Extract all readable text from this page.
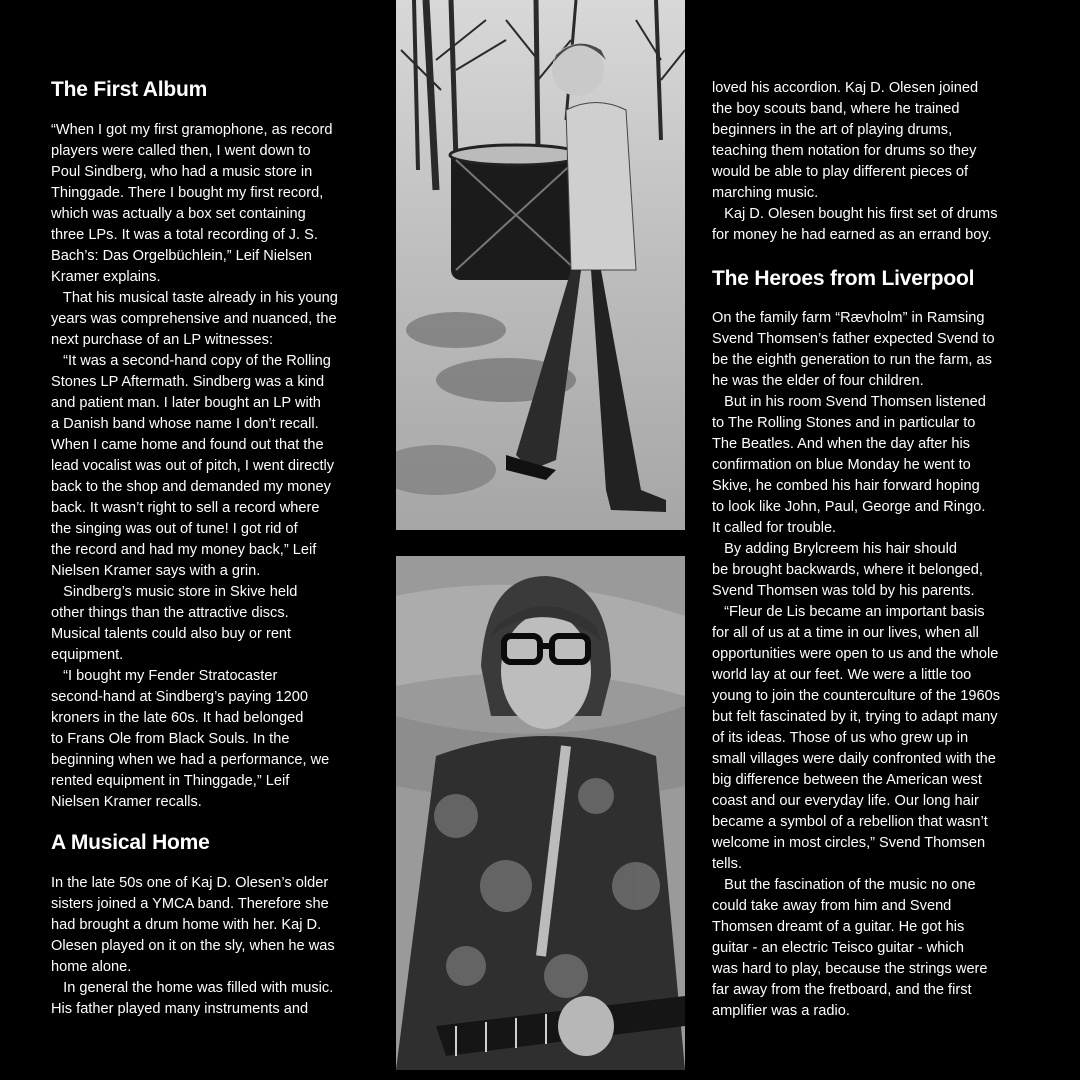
The First Album
“When I got my first gramophone, as record
players were called then, I went down to
Poul Sindberg, who had a music store in
Thinggade. There I bought my first record,
which was actually a box set containing
three LPs. It was a total recording of J. S.
Bach’s: Das Orgelbüchlein,” Leif Nielsen
Kramer explains.
That his musical taste already in his young
years was comprehensive and nuanced, the
next purchase of an LP witnesses:
“It was a second-hand copy of the Rolling
Stones LP Aftermath. Sindberg was a kind
and patient man. I later bought an LP with
a Danish band whose name I don’t recall.
When I came home and found out that the
lead vocalist was out of pitch, I went directly
back to the shop and demanded my money
back. It wasn’t right to sell a record where
the singing was out of tune! I got rid of
the record and had my money back,” Leif
Nielsen Kramer says with a grin.
Sindberg’s music store in Skive held
other things than the attractive discs.
Musical talents could also buy or rent
equipment.
“I bought my Fender Stratocaster
second-hand at Sindberg’s paying 1200
kroners in the late 60s. It had belonged
to Frans Ole from Black Souls. In the
beginning when we had a performance, we
rented equipment in Thinggade,” Leif
Nielsen Kramer recalls.
A Musical Home
In the late 50s one of Kaj D. Olesen’s older
sisters joined a YMCA band. Therefore she
had brought a drum home with her. Kaj D.
Olesen played on it on the sly, when he was
home alone.
In general the home was filled with music.
His father played many instruments and
loved his accordion. Kaj D. Olesen joined
the boy scouts band, where he trained
beginners in the art of playing drums,
teaching them notation for drums so they
would be able to play different pieces of
marching music.
Kaj D. Olesen bought his first set of drums
for money he had earned as an errand boy.
The Heroes from Liverpool
On the family farm “Rævholm” in Ramsing
Svend Thomsen’s father expected Svend to
be the eighth generation to run the farm, as
he was the elder of four children.
But in his room Svend Thomsen listened
to The Rolling Stones and in particular to
The Beatles. And when the day after his
confirmation on blue Monday he went to
Skive, he combed his hair forward hoping
to look like John, Paul, George and Ringo.
It called for trouble.
By adding Brylcreem his hair should
be brought backwards, where it belonged,
Svend Thomsen was told by his parents.
“Fleur de Lis became an important basis
for all of us at a time in our lives, when all
opportunities were open to us and the whole
world lay at our feet. We were a little too
young to join the counterculture of the 1960s
but felt fascinated by it, trying to adapt many
of its ideas. Those of us who grew up in
small villages were daily confronted with the
big difference between the American west
coast and our everyday life. Our long hair
became a symbol of a rebellion that wasn’t
welcome in most circles,” Svend Thomsen
tells.
But the fascination of the music no one
could take away from him and Svend
Thomsen dreamt of a guitar. He got his
guitar - an electric Teisco guitar - which
was hard to play, because the strings were
far away from the fretboard, and the first
amplifier was a radio.
